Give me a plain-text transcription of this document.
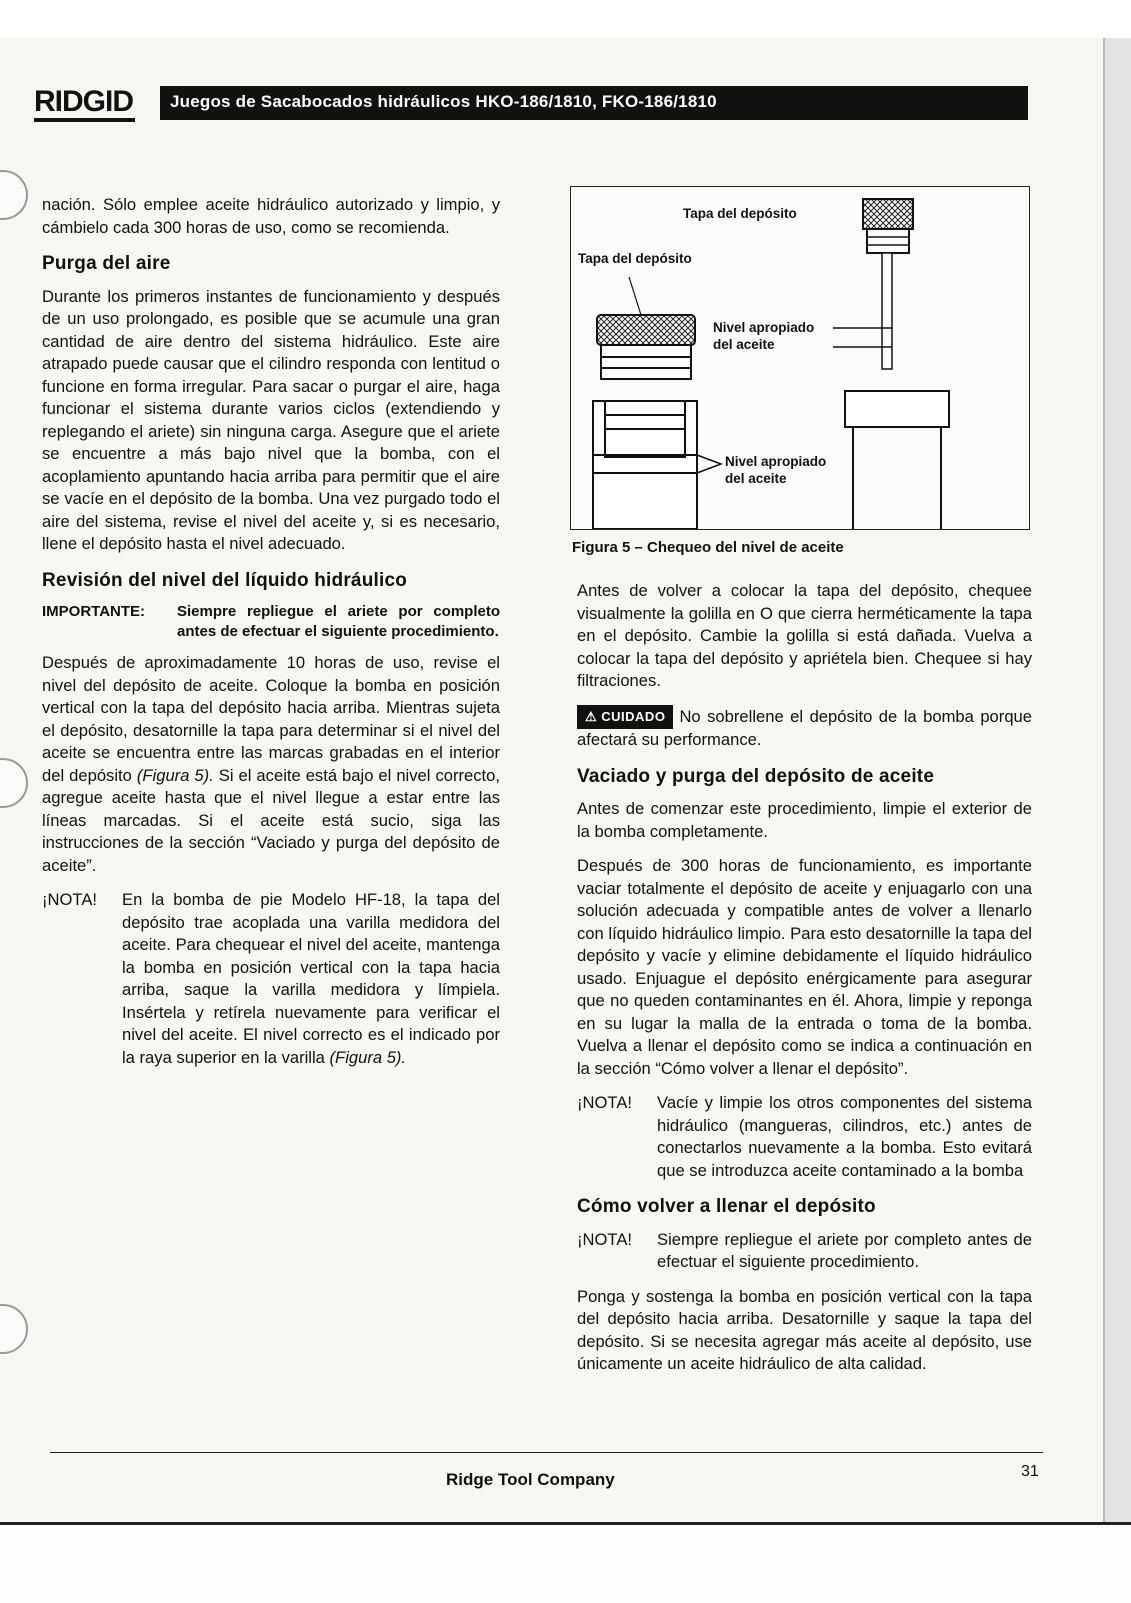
RIDGID Juegos de Sacabocados hidráulicos HKO-186/1810, FKO-186/1810

nación. Sólo emplee aceite hidráulico autorizado y limpio, y cámbielo cada 300 horas de uso, como se recomienda.

Purga del aire

Durante los primeros instantes de funcionamiento y después de un uso prolongado, es posible que se acumule una gran cantidad de aire dentro del sistema hidráulico. Este aire atrapado puede causar que el cilindro responda con lentitud o funcione en forma irregular. Para sacar o purgar el aire, haga funcionar el sistema durante varios ciclos (extendiendo y replegando el ariete) sin ninguna carga. Asegure que el ariete se encuentre a más bajo nivel que la bomba, con el acoplamiento apuntando hacia arriba para permitir que el aire se vacíe en el depósito de la bomba. Una vez purgado todo el aire del sistema, revise el nivel del aceite y, si es necesario, llene el depósito hasta el nivel adecuado.

Revisión del nivel del líquido hidráulico
IMPORTANTE:	Siempre repliegue el ariete por completo antes de efectuar el siguiente procedimiento.

Después de aproximadamente 10 horas de uso, revise el nivel del depósito de aceite. Coloque la bomba en posición vertical con la tapa del depósito hacia arriba. Mientras sujeta el depósito, desatornille la tapa para determinar si el nivel del aceite se encuentra entre las marcas grabadas en el interior del depósito (Figura 5). Si el aceite está bajo el nivel correcto, agregue aceite hasta que el nivel llegue a estar entre las líneas marcadas. Si el aceite está sucio, siga las instrucciones de la sección “Vaciado y purga del depósito de aceite”.

¡NOTA!	En la bomba de pie Modelo HF-18, la tapa del depósito trae acoplada una varilla medidora del aceite. Para chequear el nivel del aceite, mantenga la bomba en posición vertical con la tapa hacia arriba, saque la varilla medidora y límpiela. Insértela y retírela nuevamente para verificar el nivel del aceite. El nivel correcto es el indicado por la raya superior en la varilla (Figura 5).
Tapa del depósito
Tapa del depósito
Nivel apropiado
del aceite
Nivel apropiado
del aceite
Figura 5 – Chequeo del nivel de aceite

Antes de volver a colocar la tapa del depósito, chequee visualmente la golilla en O que cierra herméticamente la tapa en el depósito. Cambie la golilla si está dañada. Vuelva a colocar la tapa del depósito y apriétela bien. Chequee si hay filtraciones.

⚠ CUIDADO No sobrellene el depósito de la bomba porque afectará su performance.

Vaciado y purga del depósito de aceite

Antes de comenzar este procedimiento, limpie el exterior de la bomba completamente.

Después de 300 horas de funcionamiento, es importante vaciar totalmente el depósito de aceite y enjuagarlo con una solución adecuada y compatible antes de volver a llenarlo con líquido hidráulico limpio. Para esto desatornille la tapa del depósito y vacíe y elimine debidamente el líquido hidráulico usado. Enjuague el depósito enérgicamente para asegurar que no queden contaminantes en él. Ahora, limpie y reponga en su lugar la malla de la entrada o toma de la bomba. Vuelva a llenar el depósito como se indica a continuación en la sección “Cómo volver a llenar el depósito”.

¡NOTA!	Vacíe y limpie los otros componentes del sistema hidráulico (mangueras, cilindros, etc.) antes de conectarlos nuevamente a la bomba. Esto evitará que se introduzca aceite contaminado a la bomba
Cómo volver a llenar el depósito
¡NOTA!	Siempre repliegue el ariete por completo antes de efectuar el siguiente procedimiento.

Ponga y sostenga la bomba en posición vertical con la tapa del depósito hacia arriba. Desatornille y saque la tapa del depósito. Si se necesita agregar más aceite al depósito, use únicamente un aceite hidráulico de alta calidad.

Ridge Tool Company	31
